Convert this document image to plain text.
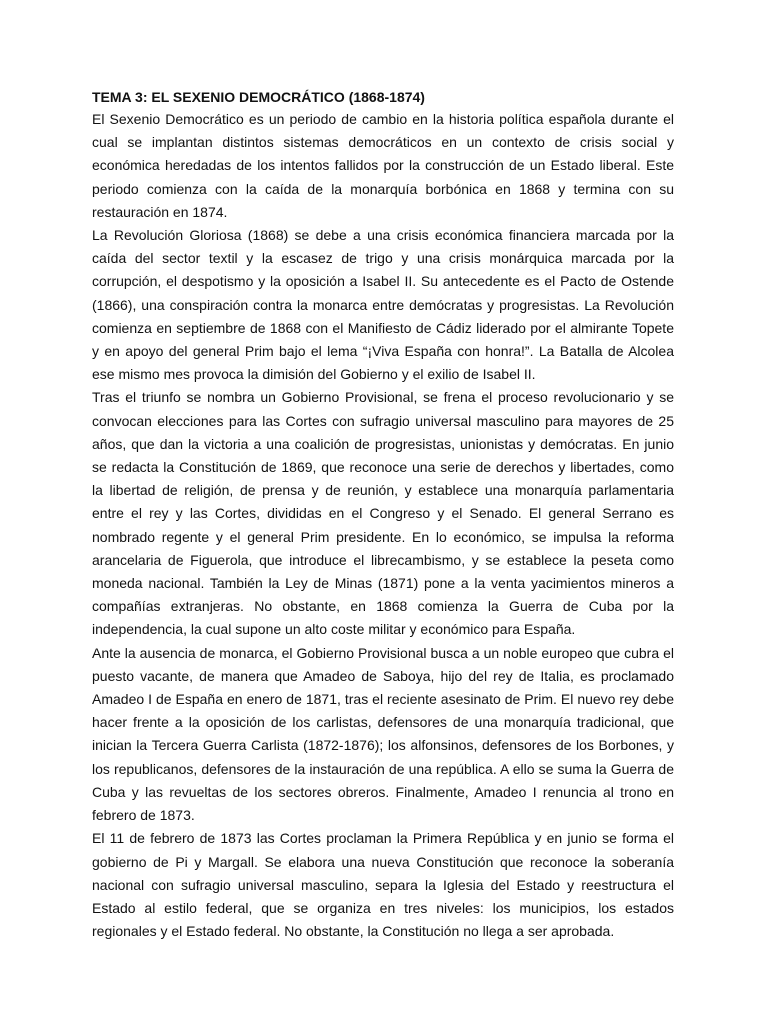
TEMA 3: EL SEXENIO DEMOCRÁTICO (1868-1874)

El Sexenio Democrático es un periodo de cambio en la historia política española durante el cual se implantan distintos sistemas democráticos en un contexto de crisis social y económica heredadas de los intentos fallidos por la construcción de un Estado liberal. Este periodo comienza con la caída de la monarquía borbónica en 1868 y termina con su restauración en 1874.

La Revolución Gloriosa (1868) se debe a una crisis económica financiera marcada por la caída del sector textil y la escasez de trigo y una crisis monárquica marcada por la corrupción, el despotismo y la oposición a Isabel II. Su antecedente es el Pacto de Ostende (1866), una conspiración contra la monarca entre demócratas y progresistas. La Revolución comienza en septiembre de 1868 con el Manifiesto de Cádiz liderado por el almirante Topete y en apoyo del general Prim bajo el lema “¡Viva España con honra!”. La Batalla de Alcolea ese mismo mes provoca la dimisión del Gobierno y el exilio de Isabel II.

Tras el triunfo se nombra un Gobierno Provisional, se frena el proceso revolucionario y se convocan elecciones para las Cortes con sufragio universal masculino para mayores de 25 años, que dan la victoria a una coalición de progresistas, unionistas y demócratas. En junio se redacta la Constitución de 1869, que reconoce una serie de derechos y libertades, como la libertad de religión, de prensa y de reunión, y establece una monarquía parlamentaria entre el rey y las Cortes, divididas en el Congreso y el Senado. El general Serrano es nombrado regente y el general Prim presidente. En lo económico, se impulsa la reforma arancelaria de Figuerola, que introduce el librecambismo, y se establece la peseta como moneda nacional. También la Ley de Minas (1871) pone a la venta yacimientos mineros a compañías extranjeras. No obstante, en 1868 comienza la Guerra de Cuba por la independencia, la cual supone un alto coste militar y económico para España.

Ante la ausencia de monarca, el Gobierno Provisional busca a un noble europeo que cubra el puesto vacante, de manera que Amadeo de Saboya, hijo del rey de Italia, es proclamado Amadeo I de España en enero de 1871, tras el reciente asesinato de Prim. El nuevo rey debe hacer frente a la oposición de los carlistas, defensores de una monarquía tradicional, que inician la Tercera Guerra Carlista (1872-1876); los alfonsinos, defensores de los Borbones, y los republicanos, defensores de la instauración de una república. A ello se suma la Guerra de Cuba y las revueltas de los sectores obreros. Finalmente, Amadeo I renuncia al trono en febrero de 1873.

El 11 de febrero de 1873 las Cortes proclaman la Primera República y en junio se forma el gobierno de Pi y Margall. Se elabora una nueva Constitución que reconoce la soberanía nacional con sufragio universal masculino, separa la Iglesia del Estado y reestructura el Estado al estilo federal, que se organiza en tres niveles: los municipios, los estados regionales y el Estado federal. No obstante, la Constitución no llega a ser aprobada.
